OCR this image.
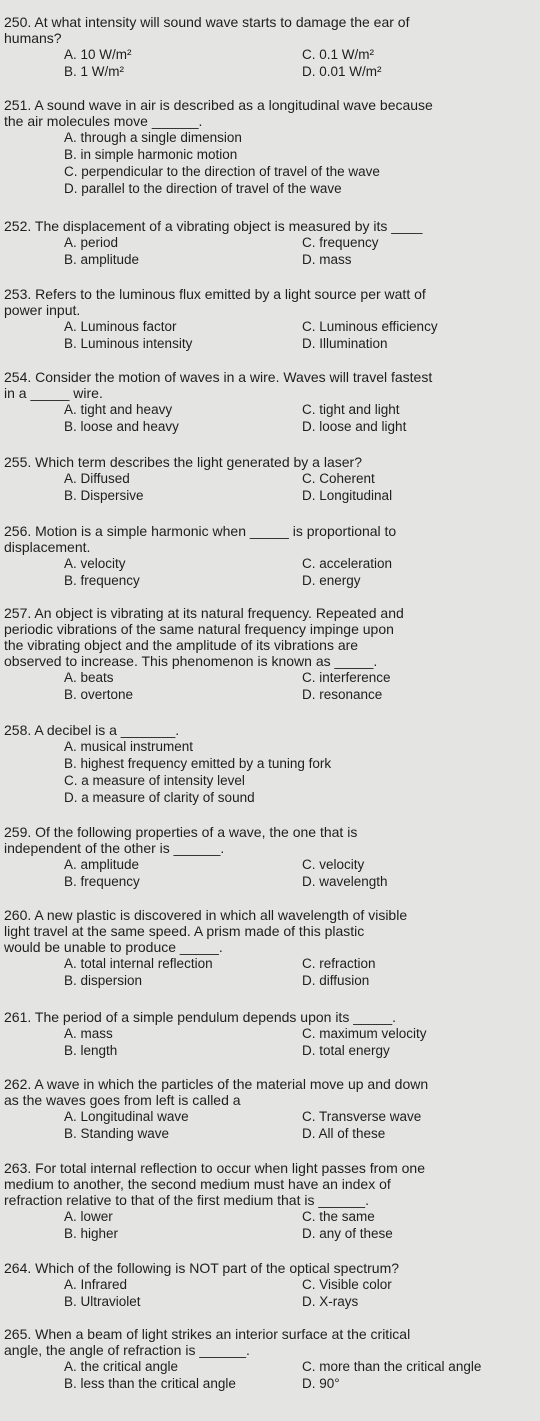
250. At what intensity will sound wave starts to damage the ear of
humans?
A. 10 W/m²	C. 0.1 W/m²
B. 1 W/m²	D. 0.01 W/m²
251. A sound wave in air is described as a longitudinal wave because
the air molecules move ______.
A. through a single dimension
B. in simple harmonic motion
C. perpendicular to the direction of travel of the wave
D. parallel to the direction of travel of the wave
252. The displacement of a vibrating object is measured by its ____
A. period	C. frequency
B. amplitude	D. mass
253. Refers to the luminous flux emitted by a light source per watt of
power input.
A. Luminous factor	C. Luminous efficiency
B. Luminous intensity	D. Illumination
254. Consider the motion of waves in a wire. Waves will travel fastest
in a _____ wire.
A. tight and heavy	C. tight and light
B. loose and heavy	D. loose and light
255. Which term describes the light generated by a laser?
A. Diffused	C. Coherent
B. Dispersive	D. Longitudinal
256. Motion is a simple harmonic when _____ is proportional to
displacement.
A. velocity	C. acceleration
B. frequency	D. energy
257. An object is vibrating at its natural frequency. Repeated and
periodic vibrations of the same natural frequency impinge upon
the vibrating object and the amplitude of its vibrations are
observed to increase. This phenomenon is known as _____.
A. beats	C. interference
B. overtone	D. resonance
258. A decibel is a _______.
A. musical instrument
B. highest frequency emitted by a tuning fork
C. a measure of intensity level
D. a measure of clarity of sound
259. Of the following properties of a wave, the one that is
independent of the other is ______.
A. amplitude	C. velocity
B. frequency	D. wavelength
260. A new plastic is discovered in which all wavelength of visible
light travel at the same speed. A prism made of this plastic
would be unable to produce _____.
A. total internal reflection	C. refraction
B. dispersion	D. diffusion
261. The period of a simple pendulum depends upon its _____.
A. mass	C. maximum velocity
B. length	D. total energy
262. A wave in which the particles of the material move up and down
as the waves goes from left is called a
A. Longitudinal wave	C. Transverse wave
B. Standing wave	D. All of these
263. For total internal reflection to occur when light passes from one
medium to another, the second medium must have an index of
refraction relative to that of the first medium that is ______.
A. lower	C. the same
B. higher	D. any of these
264. Which of the following is NOT part of the optical spectrum?
A. Infrared	C. Visible color
B. Ultraviolet	D. X-rays
265. When a beam of light strikes an interior surface at the critical
angle, the angle of refraction is ______.
A. the critical angle	C. more than the critical angle
B. less than the critical angle	D. 90°
